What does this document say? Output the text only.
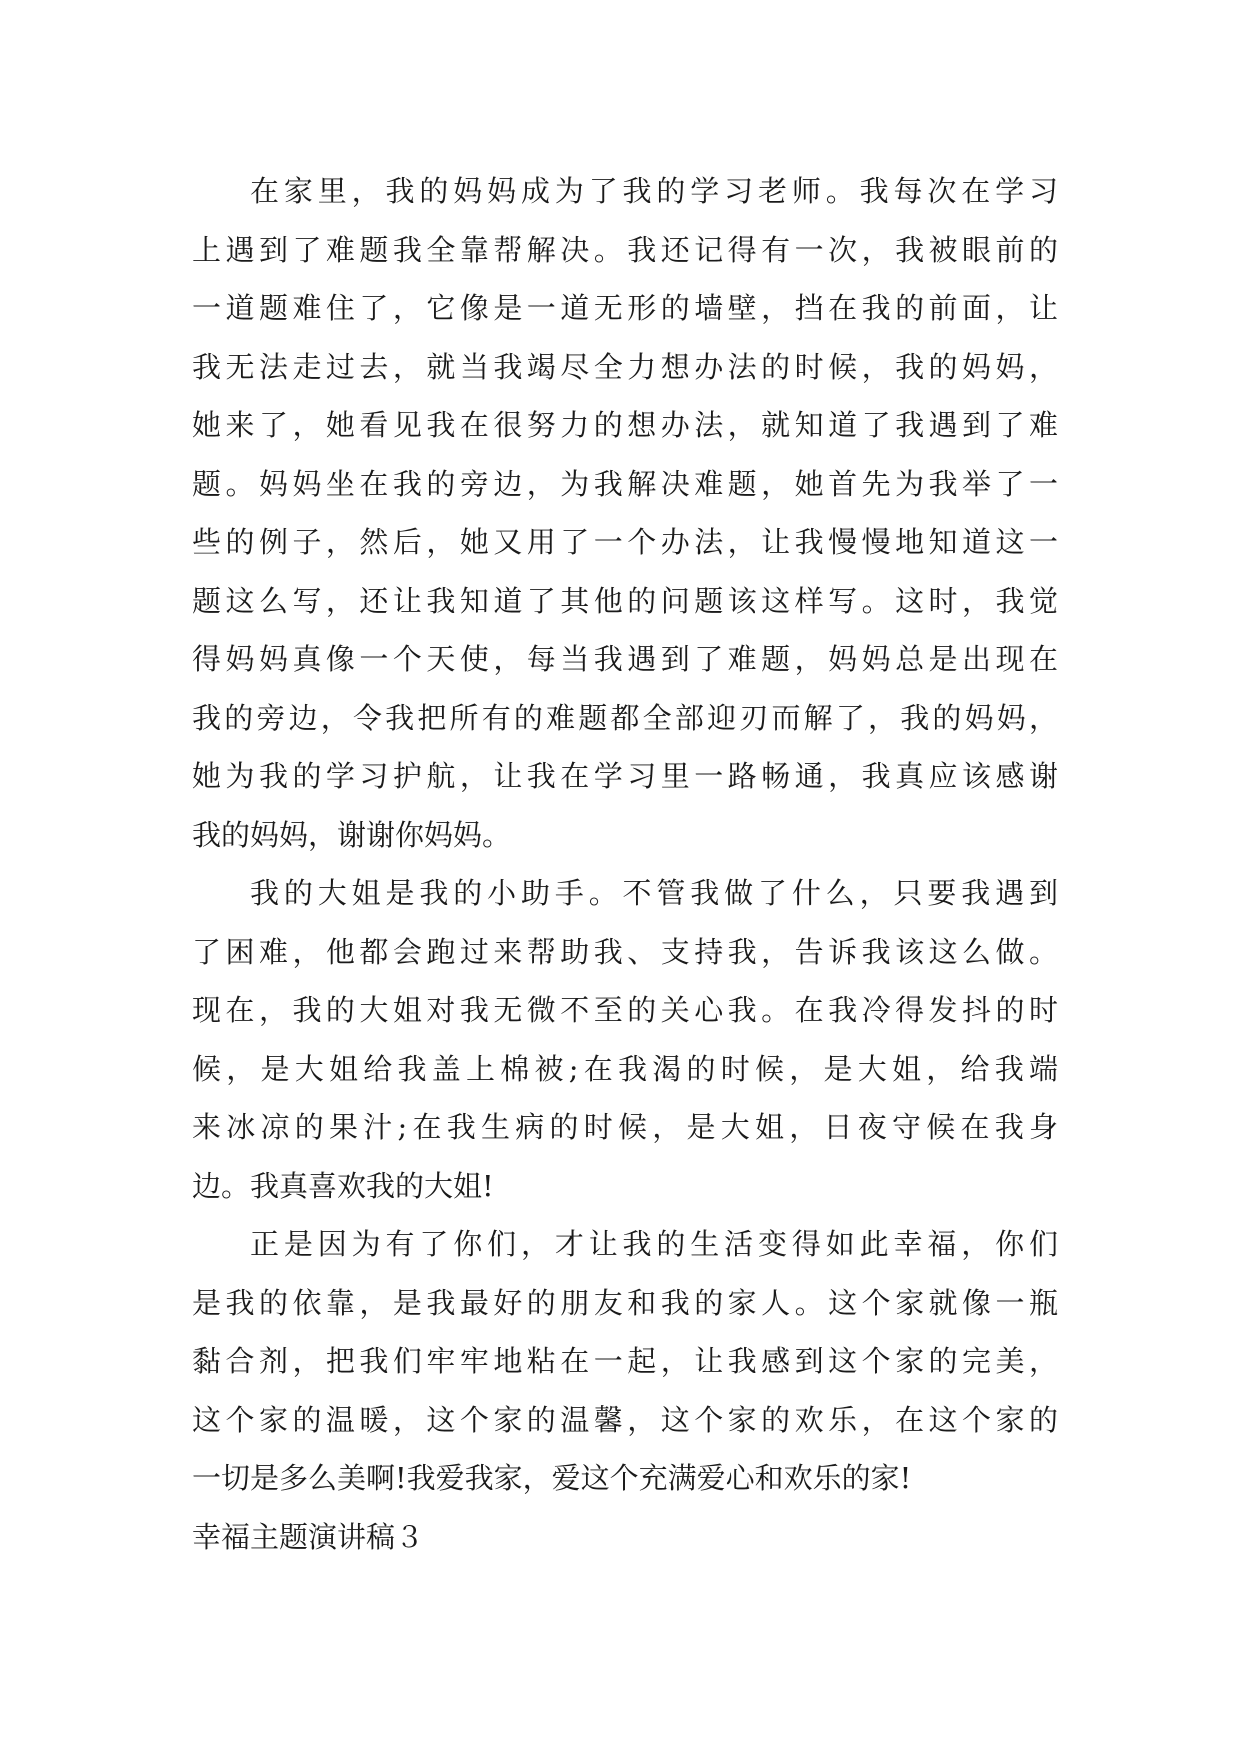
在家里，我的妈妈成为了我的学习老师。我每次在学习
上遇到了难题我全靠帮解决。我还记得有一次，我被眼前的
一道题难住了，它像是一道无形的墙壁，挡在我的前面，让
我无法走过去，就当我竭尽全力想办法的时候，我的妈妈，
她来了，她看见我在很努力的想办法，就知道了我遇到了难
题。妈妈坐在我的旁边，为我解决难题，她首先为我举了一
些的例子，然后，她又用了一个办法，让我慢慢地知道这一
题这么写，还让我知道了其他的问题该这样写。这时，我觉
得妈妈真像一个天使，每当我遇到了难题，妈妈总是出现在
我的旁边，令我把所有的难题都全部迎刃而解了，我的妈妈，
她为我的学习护航，让我在学习里一路畅通，我真应该感谢
我的妈妈，谢谢你妈妈。
我的大姐是我的小助手。不管我做了什么，只要我遇到
了困难，他都会跑过来帮助我、支持我，告诉我该这么做。
现在，我的大姐对我无微不至的关心我。在我冷得发抖的时
候，是大姐给我盖上棉被;在我渴的时候，是大姐，给我端
来冰凉的果汁;在我生病的时候，是大姐，日夜守候在我身
边。我真喜欢我的大姐!
正是因为有了你们，才让我的生活变得如此幸福，你们
是我的依靠，是我最好的朋友和我的家人。这个家就像一瓶
黏合剂，把我们牢牢地粘在一起，让我感到这个家的完美，
这个家的温暖，这个家的温馨，这个家的欢乐，在这个家的
一切是多么美啊!我爱我家，爱这个充满爱心和欢乐的家!
幸福主题演讲稿３
